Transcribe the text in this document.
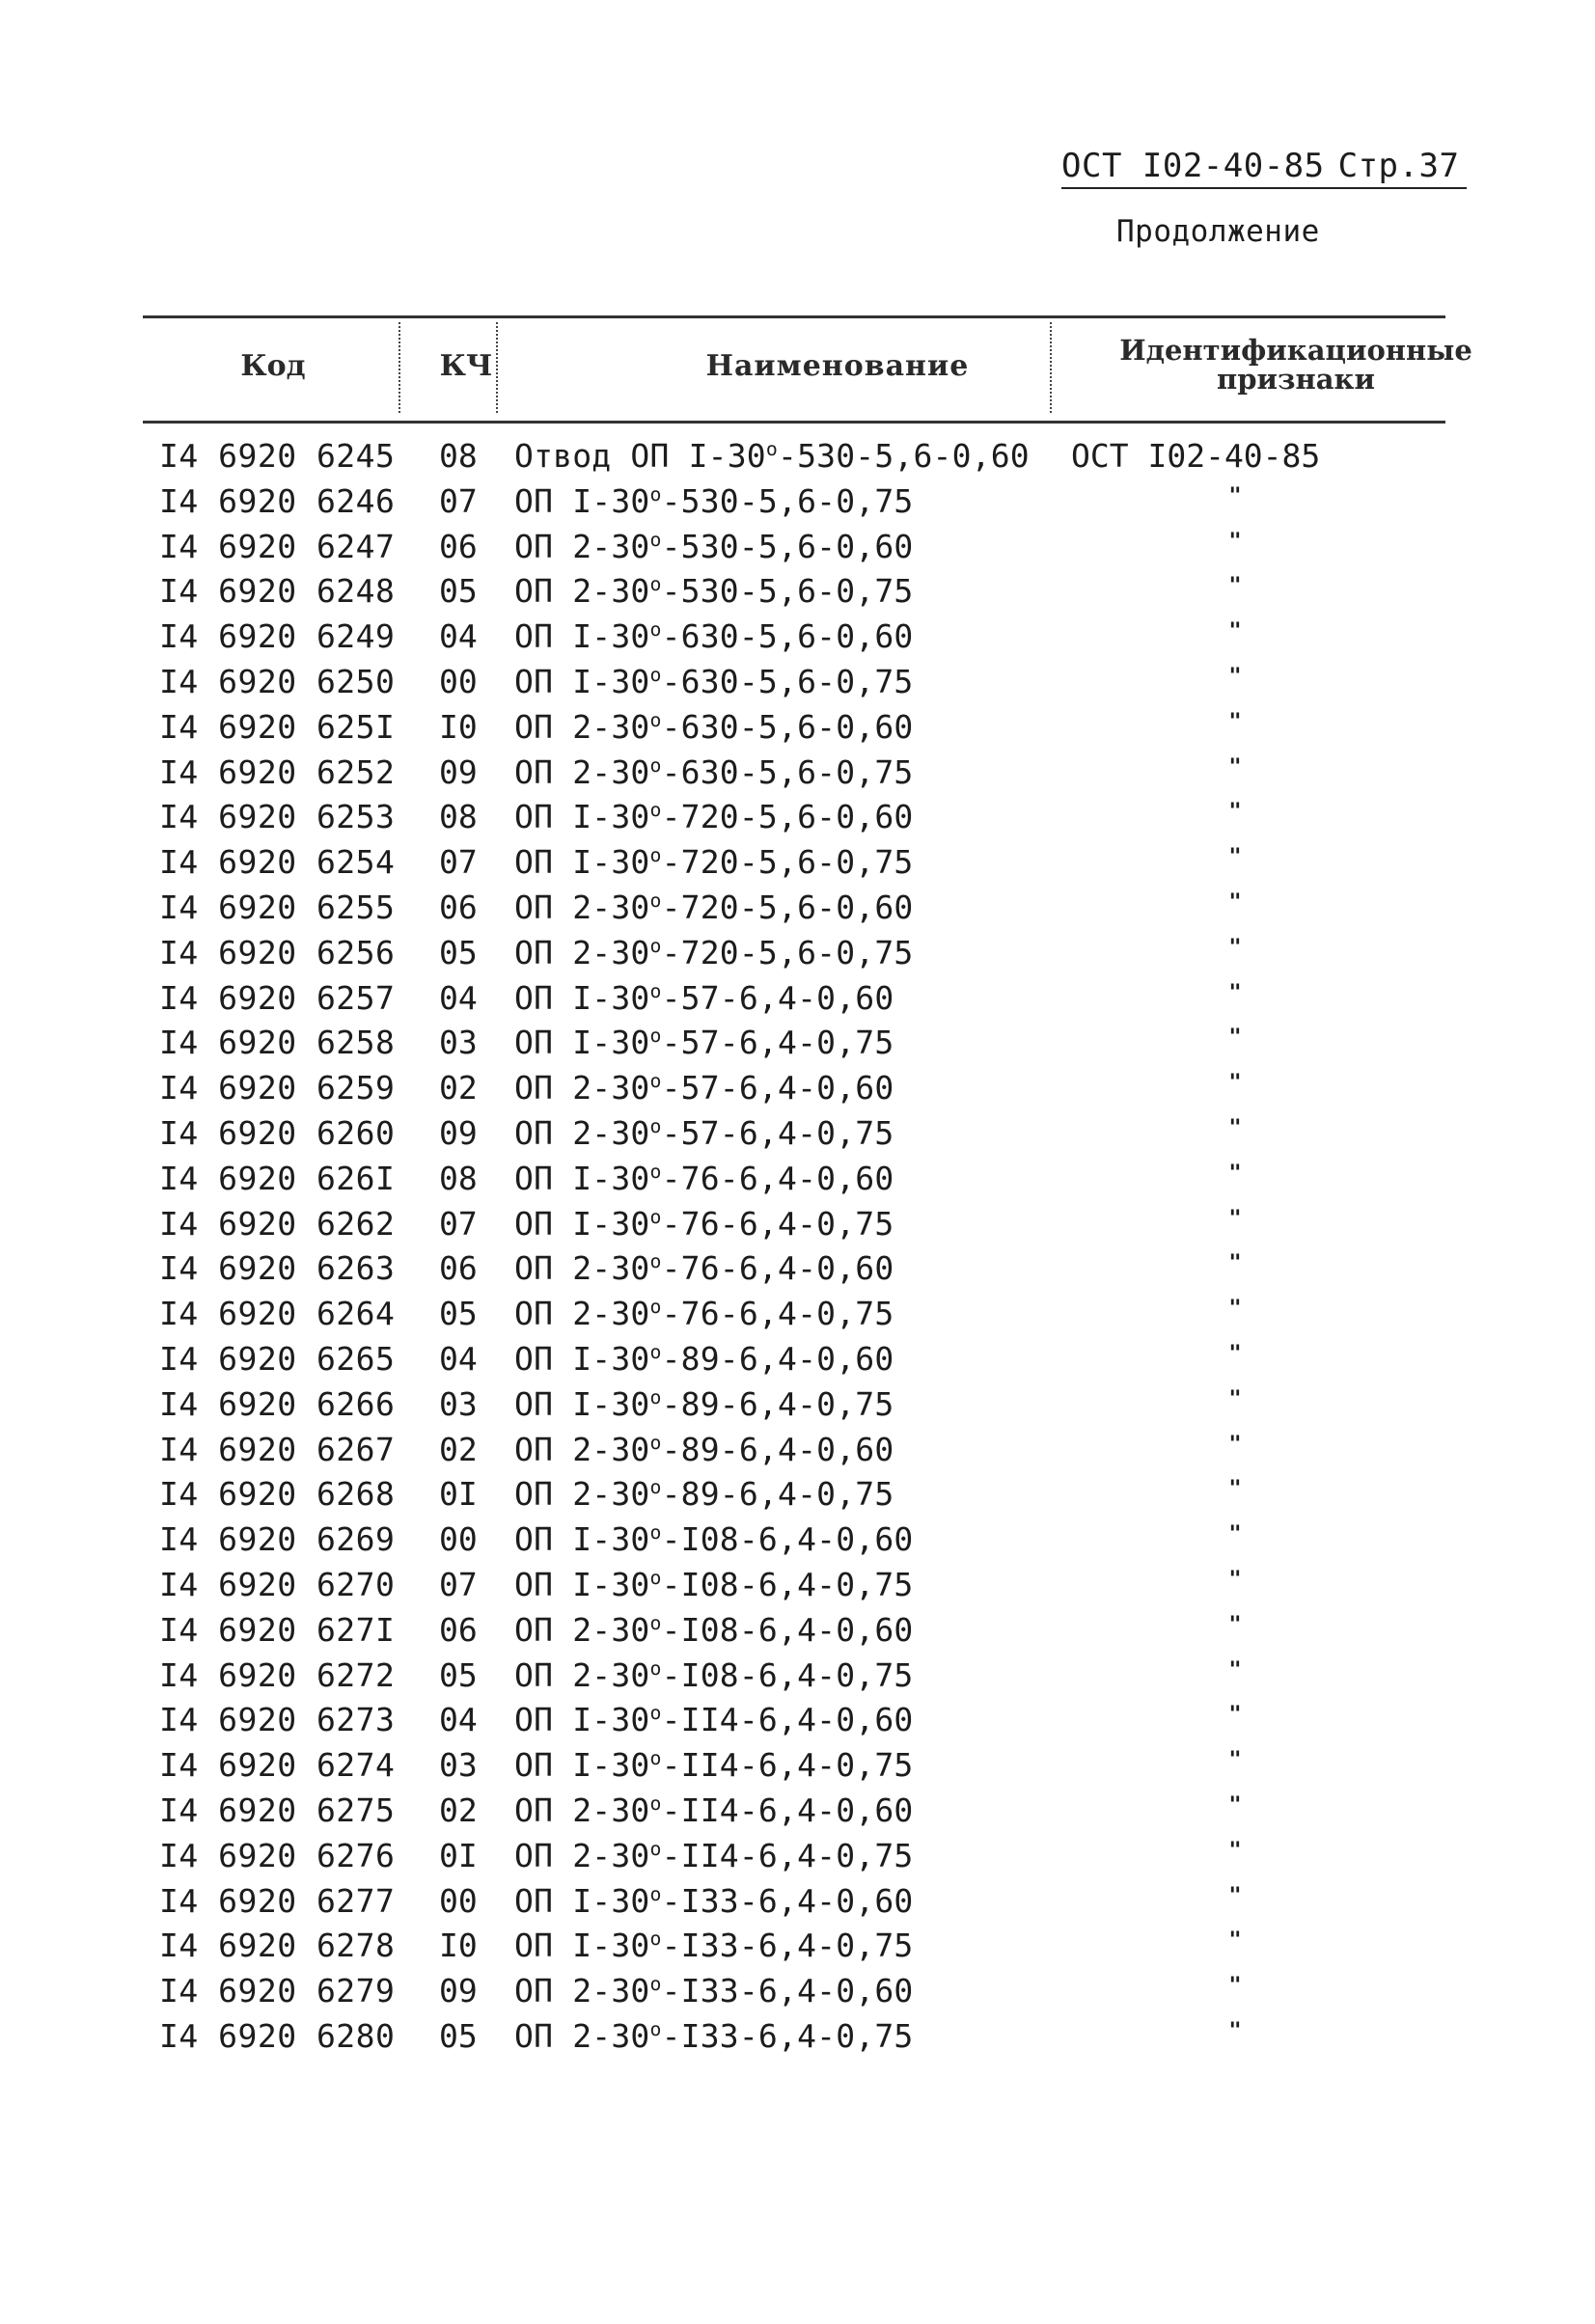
ОСТ I02-40-85 Стр.37
Продолжение
Код	КЧ	Наименование	Идентификационные признаки
I4 6920 6245 08	Отвод ОП I-30$^o$-530-5,6-0,60	ОСТ I02-40-85
I4 6920 6246 07	ОП I-30$^o$-530-5,6-0,75	"
I4 6920 6247 06	ОП 2-30$^o$-530-5,6-0,60	"
I4 6920 6248 05	ОП 2-30$^o$-530-5,6-0,75	"
I4 6920 6249 04	ОП I-30$^o$-630-5,6-0,60	"
I4 6920 6250 00	ОП I-30$^o$-630-5,6-0,75	"
I4 6920 625I I0	ОП 2-30$^o$-630-5,6-0,60	"
I4 6920 6252 09	ОП 2-30$^o$-630-5,6-0,75	"
I4 6920 6253 08	ОП I-30$^o$-720-5,6-0,60	"
I4 6920 6254 07	ОП I-30$^o$-720-5,6-0,75	"
I4 6920 6255 06	ОП 2-30$^o$-720-5,6-0,60	"
I4 6920 6256 05	ОП 2-30$^o$-720-5,6-0,75	"
I4 6920 6257 04	ОП I-30$^o$-57-6,4-0,60	"
I4 6920 6258 03	ОП I-30$^o$-57-6,4-0,75	"
I4 6920 6259 02	ОП 2-30$^o$-57-6,4-0,60	"
I4 6920 6260 09	ОП 2-30$^o$-57-6,4-0,75	"
I4 6920 626I 08	ОП I-30$^o$-76-6,4-0,60	"
I4 6920 6262 07	ОП I-30$^o$-76-6,4-0,75	"
I4 6920 6263 06	ОП 2-30$^o$-76-6,4-0,60	"
I4 6920 6264 05	ОП 2-30$^o$-76-6,4-0,75	"
I4 6920 6265 04	ОП I-30$^o$-89-6,4-0,60	"
I4 6920 6266 03	ОП I-30$^o$-89-6,4-0,75	"
I4 6920 6267 02	ОП 2-30$^o$-89-6,4-0,60	"
I4 6920 6268 0I	ОП 2-30$^o$-89-6,4-0,75	"
I4 6920 6269 00	ОП I-30$^o$-I08-6,4-0,60	"
I4 6920 6270 07	ОП I-30$^o$-I08-6,4-0,75	"
I4 6920 627I 06	ОП 2-30$^o$-I08-6,4-0,60	"
I4 6920 6272 05	ОП 2-30$^o$-I08-6,4-0,75	"
I4 6920 6273 04	ОП I-30$^o$-II4-6,4-0,60	"
I4 6920 6274 03	ОП I-30$^o$-II4-6,4-0,75	"
I4 6920 6275 02	ОП 2-30$^o$-II4-6,4-0,60	"
I4 6920 6276 0I	ОП 2-30$^o$-II4-6,4-0,75	"
I4 6920 6277 00	ОП I-30$^o$-I33-6,4-0,60	"
I4 6920 6278 I0	ОП I-30$^o$-I33-6,4-0,75	"
I4 6920 6279 09	ОП 2-30$^o$-I33-6,4-0,60	"
I4 6920 6280 05	ОП 2-30$^o$-I33-6,4-0,75	"
